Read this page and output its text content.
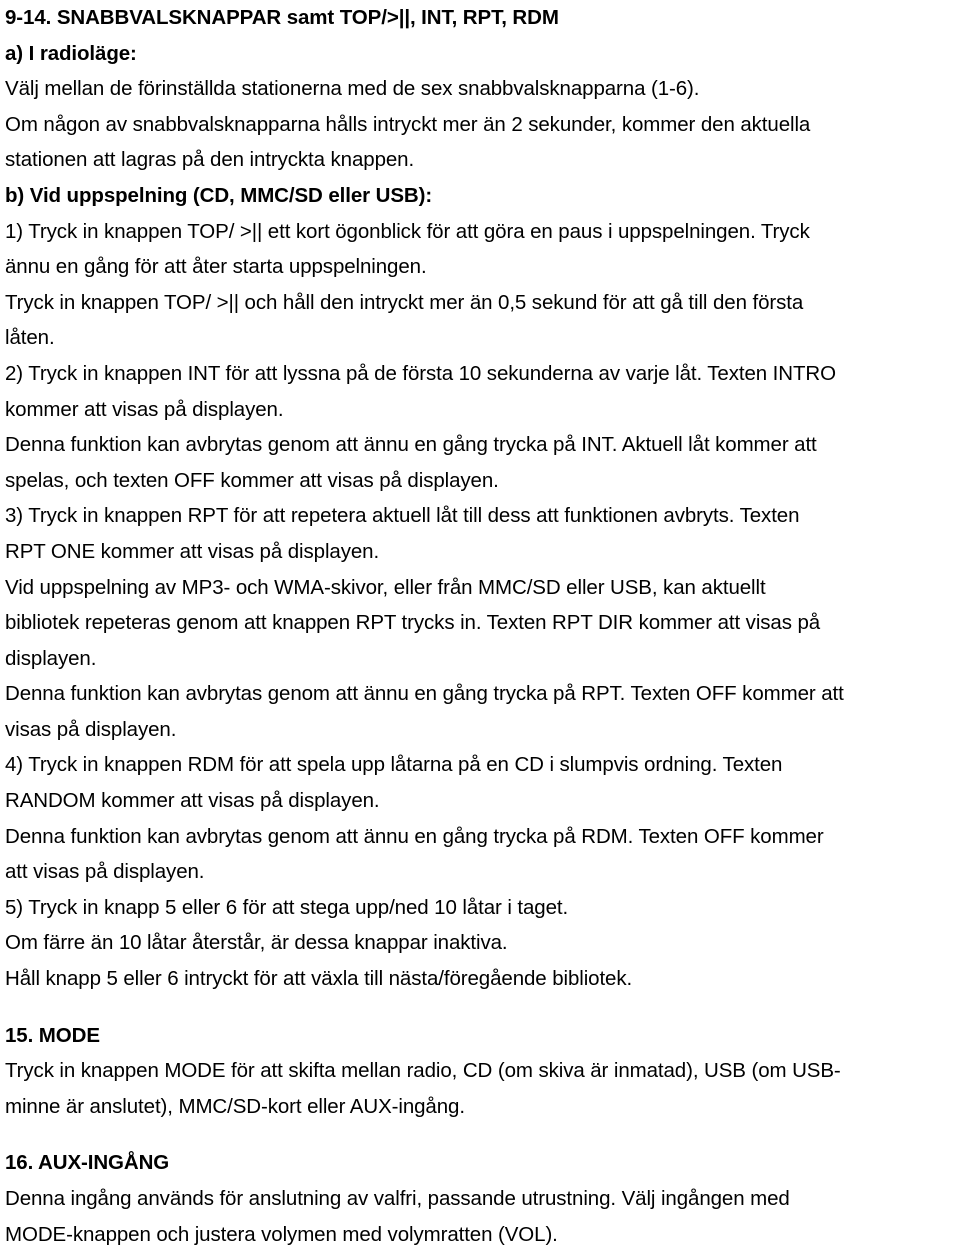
9-14. SNABBVALSKNAPPAR samt TOP/>||, INT, RPT, RDM
a) I radioläge:
Välj mellan de förinställda stationerna med de sex snabbvalsknapparna (1-6).
Om någon av snabbvalsknapparna hålls intryckt mer än 2 sekunder, kommer den aktuella
stationen att lagras på den intryckta knappen.
b) Vid uppspelning (CD, MMC/SD eller USB):
1) Tryck in knappen TOP/ >|| ett kort ögonblick för att göra en paus i uppspelningen. Tryck
ännu en gång för att åter starta uppspelningen.
Tryck in knappen TOP/ >|| och håll den intryckt mer än 0,5 sekund för att gå till den första
låten.
2) Tryck in knappen INT för att lyssna på de första 10 sekunderna av varje låt. Texten INTRO
kommer att visas på displayen.
Denna funktion kan avbrytas genom att ännu en gång trycka på INT. Aktuell låt kommer att
spelas, och texten OFF kommer att visas på displayen.
3) Tryck in knappen RPT för att repetera aktuell låt till dess att funktionen avbryts. Texten
RPT ONE kommer att visas på displayen.
Vid uppspelning av MP3- och WMA-skivor, eller från MMC/SD eller USB, kan aktuellt
bibliotek repeteras genom att knappen RPT trycks in. Texten RPT DIR kommer att visas på
displayen.
Denna funktion kan avbrytas genom att ännu en gång trycka på RPT. Texten OFF kommer att
visas på displayen.
4) Tryck in knappen RDM för att spela upp låtarna på en CD i slumpvis ordning. Texten
RANDOM kommer att visas på displayen.
Denna funktion kan avbrytas genom att ännu en gång trycka på RDM. Texten OFF kommer
att visas på displayen.
5) Tryck in knapp 5 eller 6 för att stega upp/ned 10 låtar i taget.
Om färre än 10 låtar återstår, är dessa knappar inaktiva.
Håll knapp 5 eller 6 intryckt för att växla till nästa/föregående bibliotek.
15. MODE
Tryck in knappen MODE för att skifta mellan radio, CD (om skiva är inmatad), USB (om USB-
minne är anslutet), MMC/SD-kort eller AUX-ingång.
16. AUX-INGÅNG
Denna ingång används för anslutning av valfri, passande utrustning. Välj ingången med
MODE-knappen och justera volymen med volymratten (VOL).
